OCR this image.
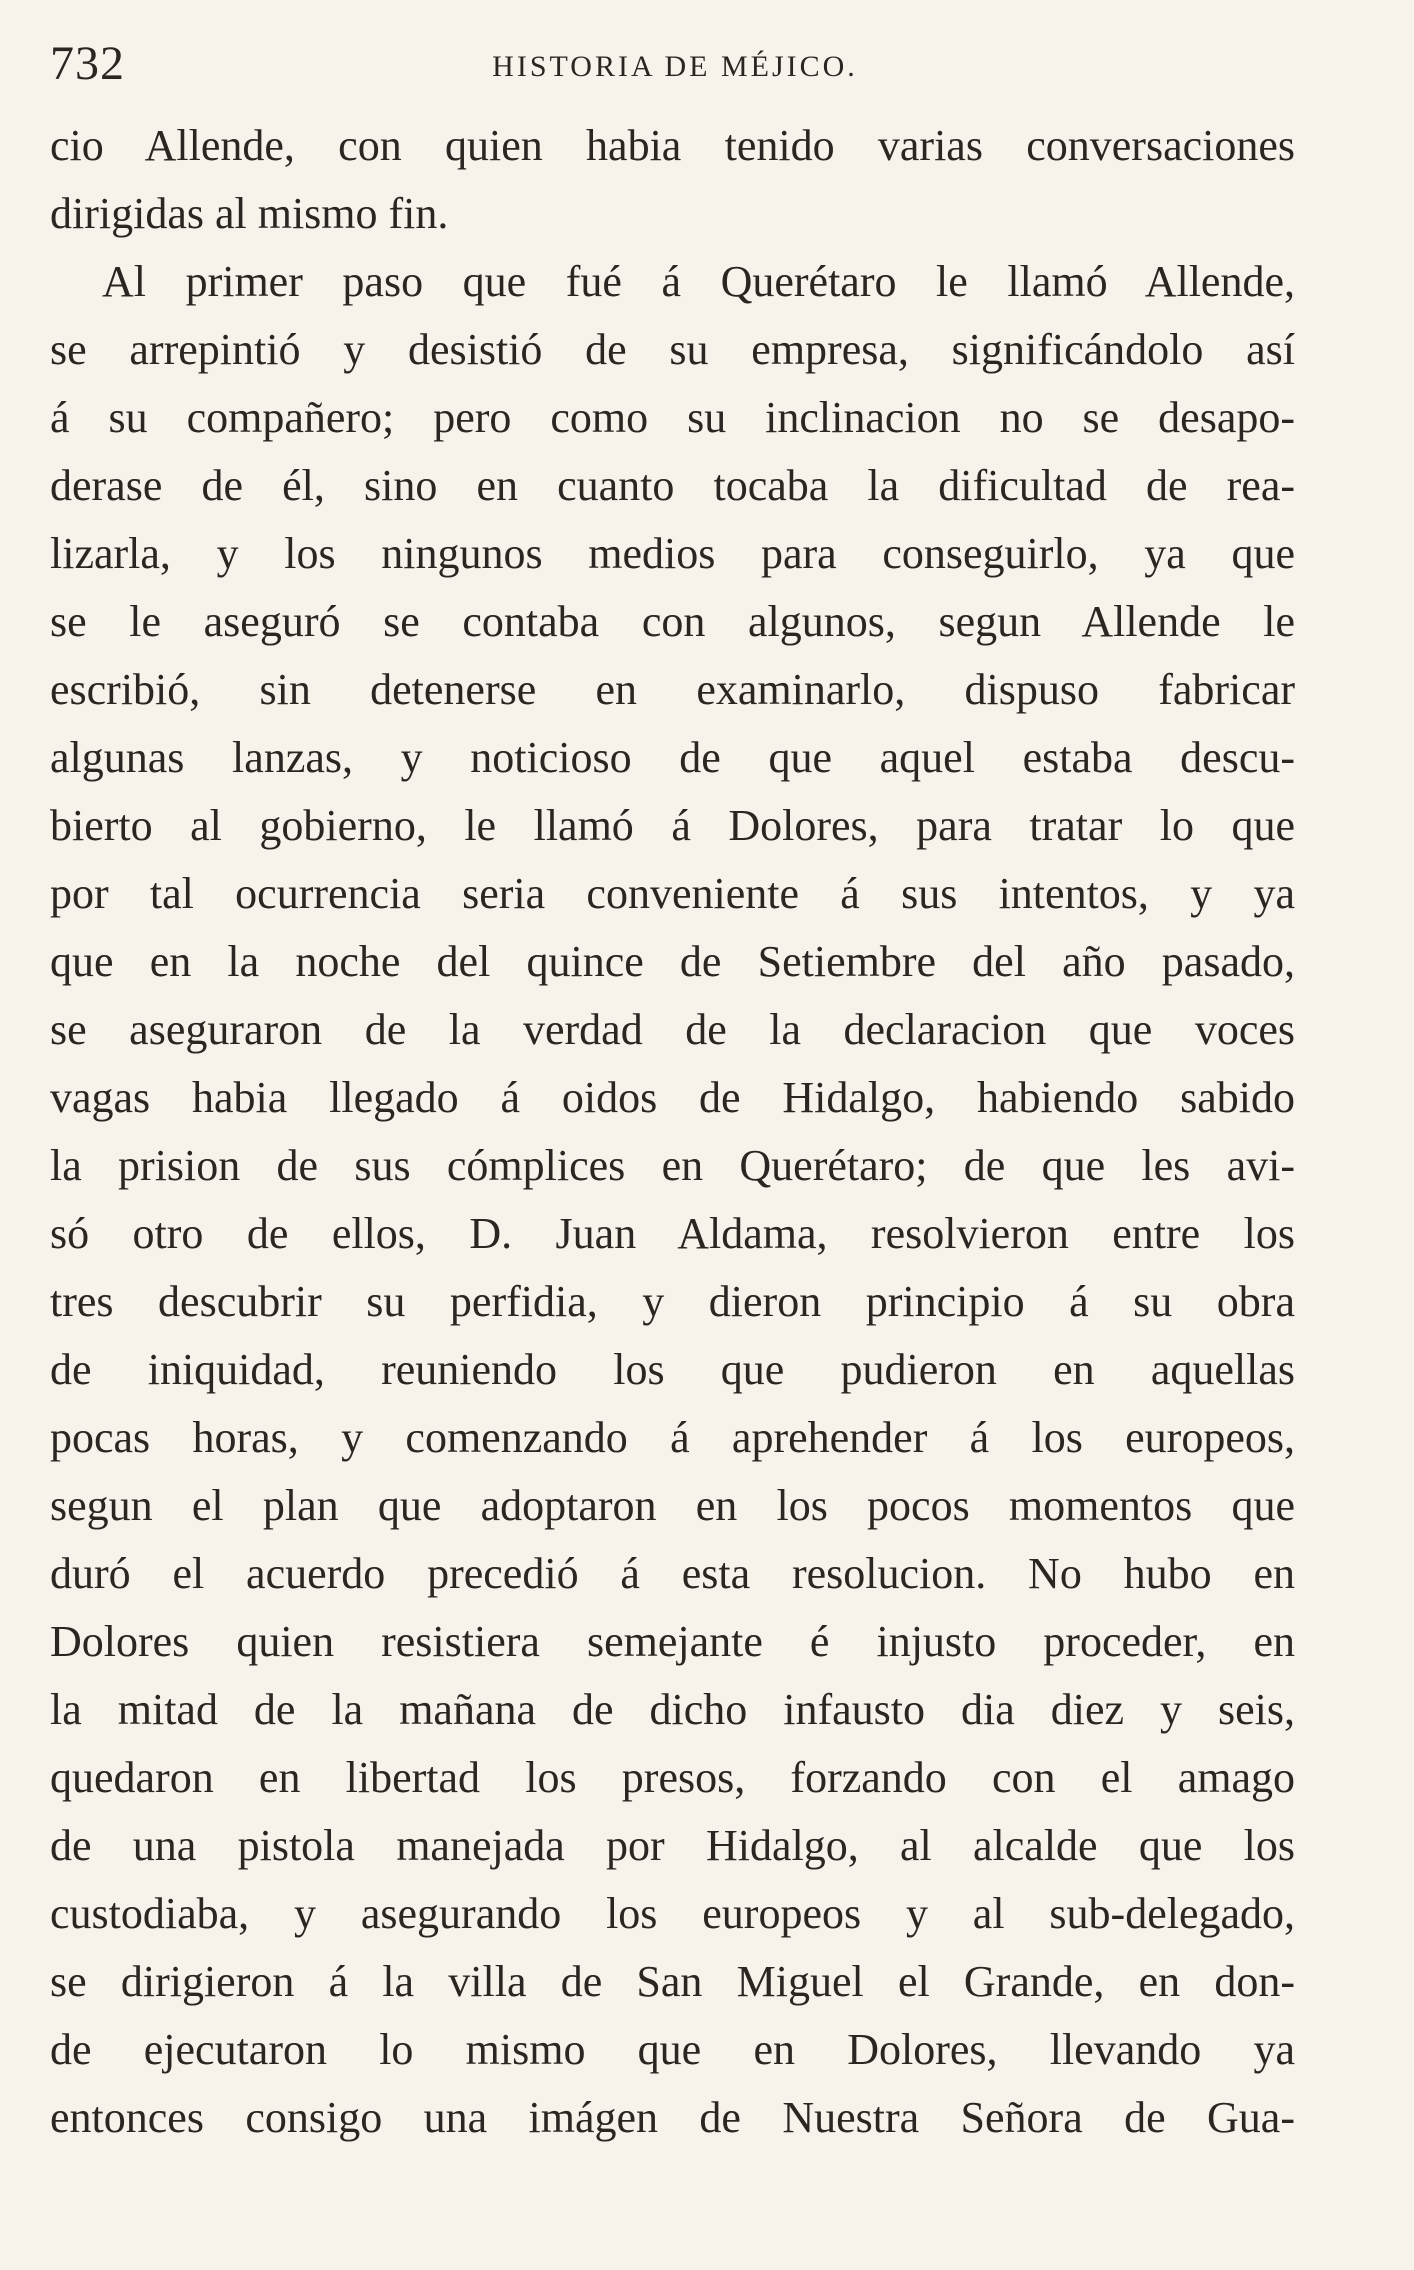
732	HISTORIA DE MÉJICO.
cio Allende, con quien habia tenido varias conversaciones
dirigidas al mismo fin.
Al primer paso que fué á Querétaro le llamó Allende,
se arrepintió y desistió de su empresa, significándolo así
á su compañero; pero como su inclinacion no se desapo-
derase de él, sino en cuanto tocaba la dificultad de rea-
lizarla, y los ningunos medios para conseguirlo, ya que
se le aseguró se contaba con algunos, segun Allende le
escribió, sin detenerse en examinarlo, dispuso fabricar
algunas lanzas, y noticioso de que aquel estaba descu-
bierto al gobierno, le llamó á Dolores, para tratar lo que
por tal ocurrencia seria conveniente á sus intentos, y ya
que en la noche del quince de Setiembre del año pasado,
se aseguraron de la verdad de la declaracion que voces
vagas habia llegado á oidos de Hidalgo, habiendo sabido
la prision de sus cómplices en Querétaro; de que les avi-
só otro de ellos, D. Juan Aldama, resolvieron entre los
tres descubrir su perfidia, y dieron principio á su obra
de iniquidad, reuniendo los que pudieron en aquellas
pocas horas, y comenzando á aprehender á los europeos,
segun el plan que adoptaron en los pocos momentos que
duró el acuerdo precedió á esta resolucion. No hubo en
Dolores quien resistiera semejante é injusto proceder, en
la mitad de la mañana de dicho infausto dia diez y seis,
quedaron en libertad los presos, forzando con el amago
de una pistola manejada por Hidalgo, al alcalde que los
custodiaba, y asegurando los europeos y al sub-delegado,
se dirigieron á la villa de San Miguel el Grande, en don-
de ejecutaron lo mismo que en Dolores, llevando ya
entonces consigo una imágen de Nuestra Señora de Gua-
